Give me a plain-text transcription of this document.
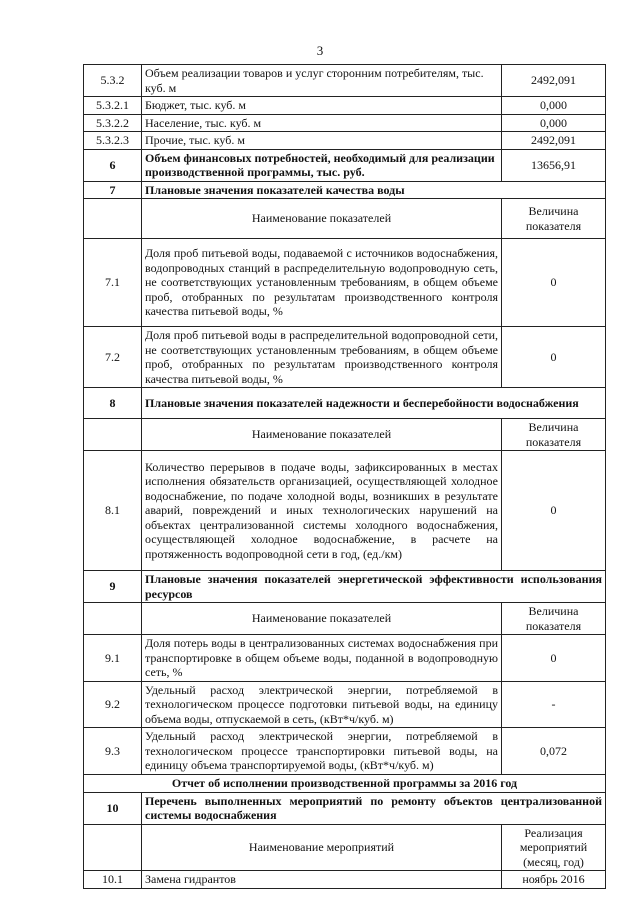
3
5.3.2	Объем реализации товаров и услуг сторонним потребителям, тыс. куб. м	2492,091
5.3.2.1	Бюджет, тыс. куб. м	0,000
5.3.2.2	Население, тыс. куб. м	0,000
5.3.2.3	Прочие, тыс. куб. м	2492,091
6	Объем финансовых потребностей, необходимый для реализации производственной программы, тыс. руб.	13656,91
7	Плановые значения показателей качества воды	
	Наименование показателей	Величина показателя
7.1	Доля проб питьевой воды, подаваемой с источников водоснабжения, водопроводных станций в распределительную водопроводную сеть, не соответствующих установленным требованиям, в общем объеме проб, отобранных по результатам производственного контроля качества питьевой воды, %	0
7.2	Доля проб питьевой воды в распределительной водопроводной сети, не соответствующих установленным требованиям, в общем объеме проб, отобранных по результатам производственного контроля качества питьевой воды, %	0
8	Плановые значения показателей надежности и бесперебойности водоснабжения	
	Наименование показателей	Величина показателя
8.1	Количество перерывов в подаче воды, зафиксированных в местах исполнения обязательств организацией, осуществляющей холодное водоснабжение, по подаче холодной воды, возникших в результате аварий, повреждений и иных технологических нарушений на объектах централизованной системы холодного водоснабжения, осуществляющей холодное водоснабжение, в расчете на протяженность водопроводной сети в год, (ед./км)	0
9	Плановые значения показателей энергетической эффективности использования ресурсов	
	Наименование показателей	Величина показателя
9.1	Доля потерь воды в централизованных системах водоснабжения при транспортировке в общем объеме воды, поданной в водопроводную сеть, %	0
9.2	Удельный расход электрической энергии, потребляемой в технологическом процессе подготовки питьевой воды, на единицу объема воды, отпускаемой в сеть, (кВт*ч/куб. м)	-
9.3	Удельный расход электрической энергии, потребляемой в технологическом процессе транспортировки питьевой воды, на единицу объема транспортируемой воды, (кВт*ч/куб. м)	0,072
Отчет об исполнении производственной программы за 2016 год		
10	Перечень выполненных мероприятий по ремонту объектов централизованной системы водоснабжения	
	Наименование мероприятий	Реализация мероприятий (месяц, год)
10.1	Замена гидрантов	ноябрь 2016
